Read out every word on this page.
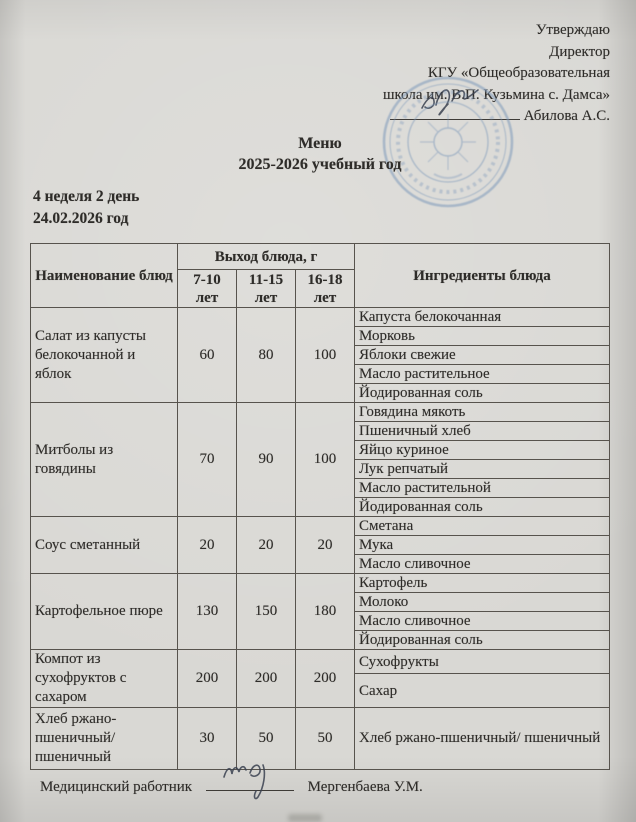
Утверждаю
Директор
КГУ «Общеобразовательная
школа им. В.П. Кузьмина с. Дамса»
Абилова А.С.
Меню
2025-2026 учебный год
4 неделя 2 день
24.02.2026 год
Наименование блюд	Выход блюда, г			Ингредиенты блюда
	7-10 лет	11-15 лет	16-18 лет	
Салат из капусты белокочанной и яблок	60	80	100	Капуста белокочанная
				Морковь
				Яблоки свежие
				Масло растительное
				Йодированная соль
Митболы из говядины	70	90	100	Говядина мякоть
				Пшеничный хлеб
				Яйцо куриное
				Лук репчатый
				Масло растительной
				Йодированная соль
Соус сметанный	20	20	20	Сметана
				Мука
				Масло сливочное
Картофельное пюре	130	150	180	Картофель
				Молоко
				Масло сливочное
				Йодированная соль
Компот из сухофруктов с сахаром	200	200	200	Сухофрукты
				Сахар
Хлеб ржано-пшеничный/ пшеничный	30	50	50	Хлеб ржано-пшеничный/ пшеничный
Медицинский работник	Мергенбаева У.М.
